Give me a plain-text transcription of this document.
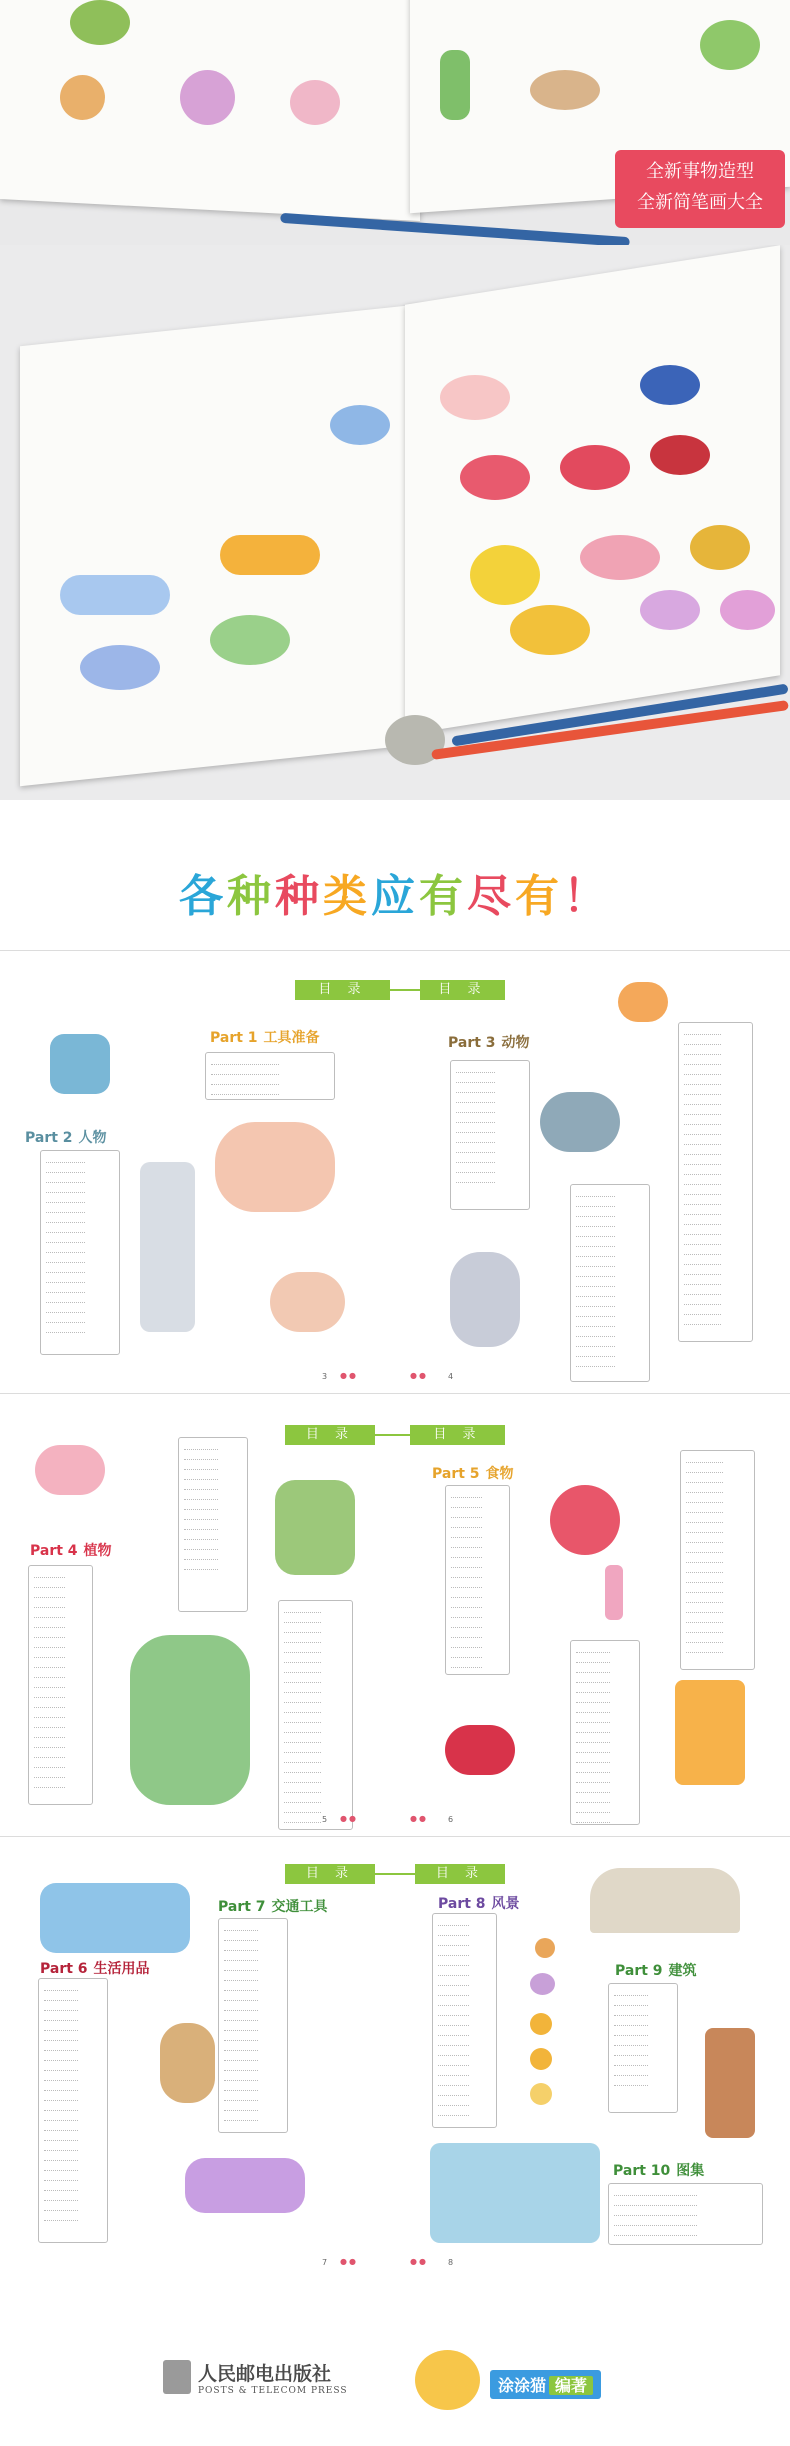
全新事物造型
全新简笔画大全
各种种类应有尽有！
目 录	目 录
Part 1 工具准备
Part 2 人物
Part 3 动物
3 ●●	●●	4
目 录	目 录
Part 4 植物
Part 5 食物
5 ●●	●●	6
目 录	目 录
Part 6 生活用品
Part 7 交通工具	Part 8 风景
Part 9 建筑
Part 10 图集
7 ●●	●●	8
人民邮电出版社
POSTS & TELECOM PRESS	涂涂猫 编著
